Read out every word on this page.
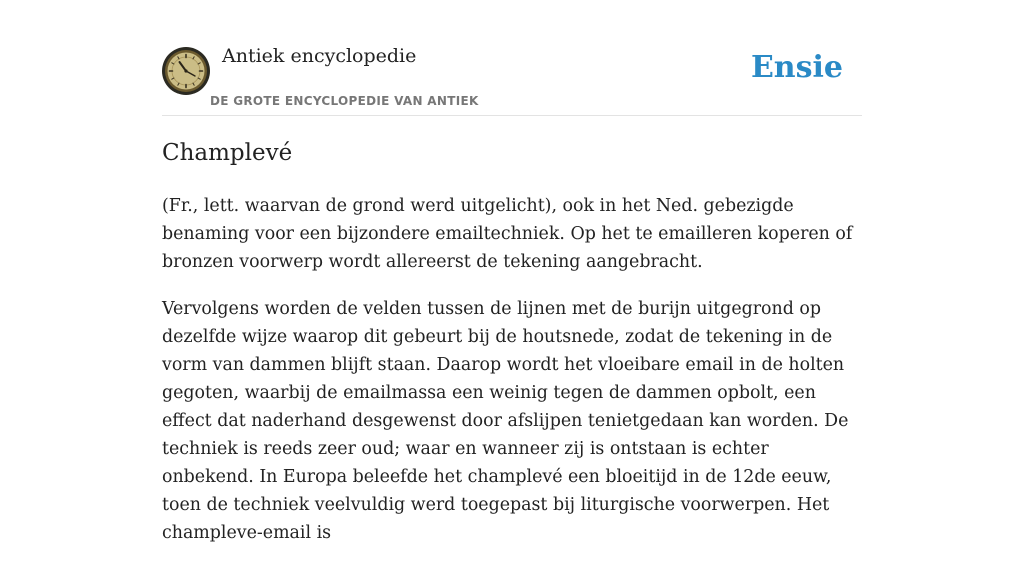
Antiek encyclopedie
DE GROTE ENCYCLOPEDIE VAN ANTIEK
Ensie
Champlevé

(Fr., lett. waarvan de grond werd uitgelicht), ook in het Ned. gebezigde benaming voor een bijzondere emailtechniek. Op het te emailleren koperen of bronzen voorwerp wordt allereerst de tekening aangebracht.

Vervolgens worden de velden tussen de lijnen met de burijn uitgegrond op dezelfde wijze waarop dit gebeurt bij de houtsnede, zodat de tekening in de vorm van dammen blijft staan. Daarop wordt het vloeibare email in de holten gegoten, waarbij de emailmassa een weinig tegen de dammen opbolt, een effect dat naderhand desgewenst door afslijpen tenietgedaan kan worden. De techniek is reeds zeer oud; waar en wanneer zij is ontstaan is echter onbekend. In Europa beleefde het champlevé een bloeitijd in de 12de eeuw, toen de techniek veelvuldig werd toegepast bij liturgische voorwerpen. Het champleve-email is
